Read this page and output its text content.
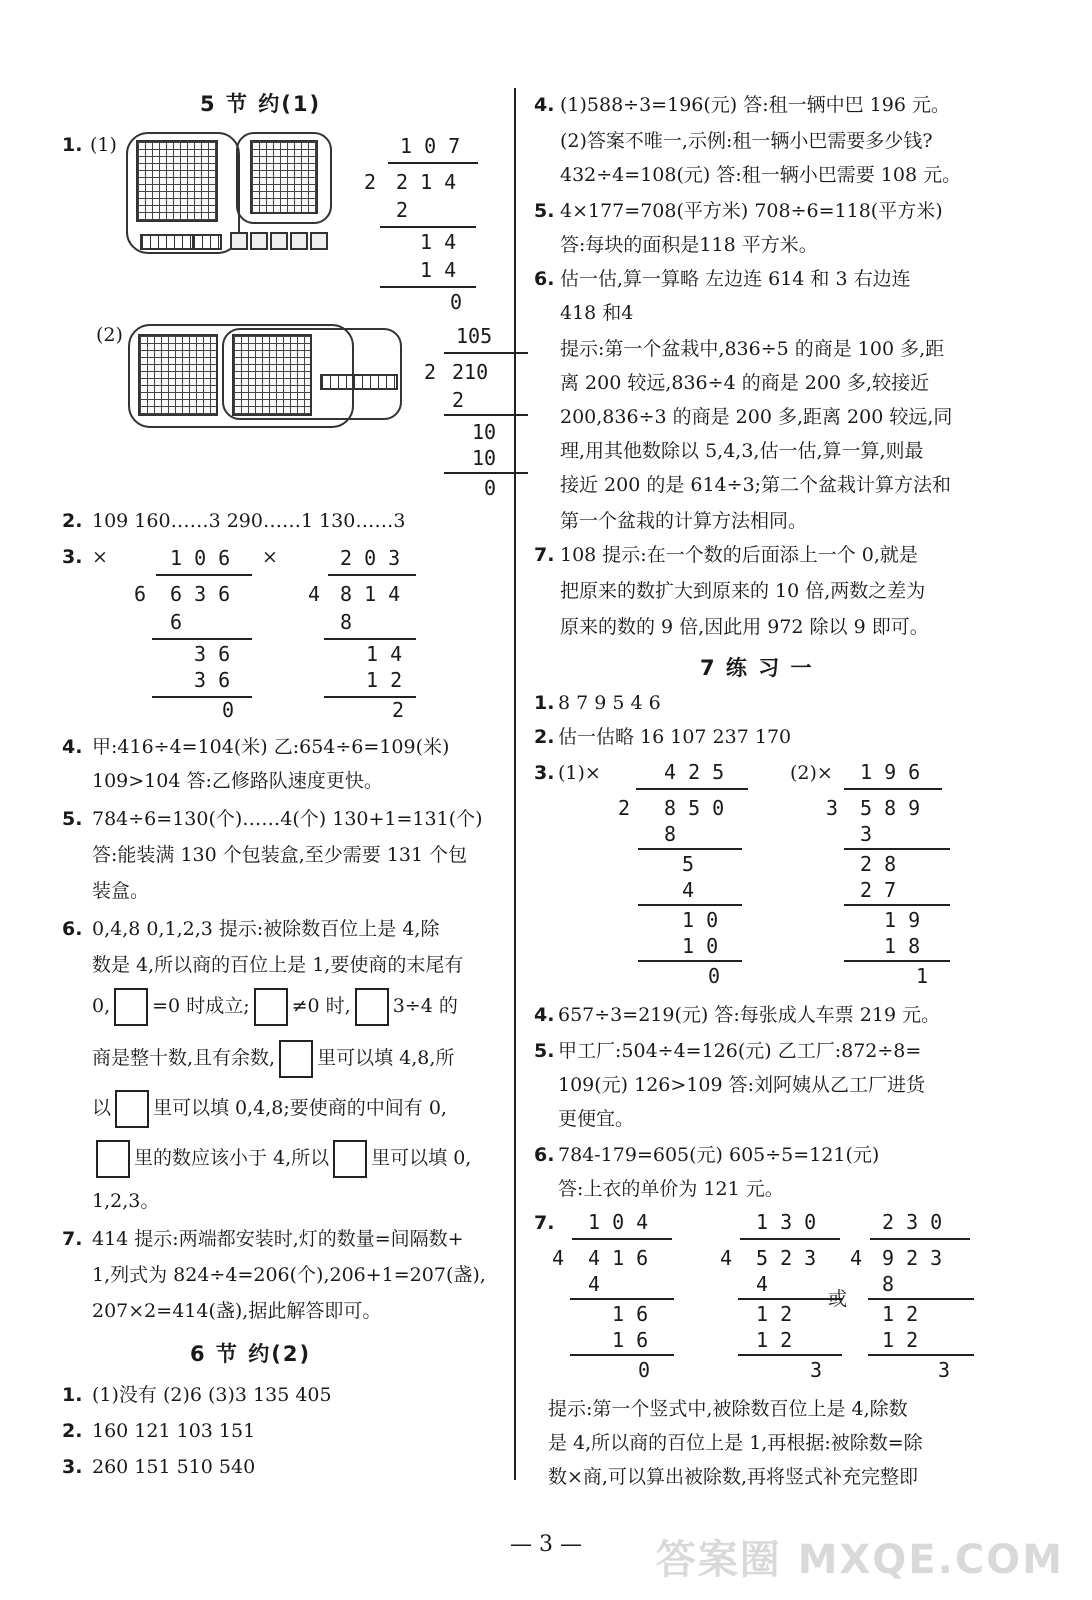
5 节 约(1)
1. (1)	1 0 7
2 2 1 4
2
1 4
1 4
0
(2)	105
2 210
2
10
10
0
2. 109 160……3 290……1 130……3
3. ×	×
1 0 6
6 6 3 6
6
3 6
3 6
0
2 0 3
4 8 1 4
8
1 4
1 2
2
4. 甲:416÷4=104(米) 乙:654÷6=109(米)
109>104 答:乙修路队速度更快。
5. 784÷6=130(个)……4(个) 130+1=131(个)
答:能装满 130 个包装盒,至少需要 131 个包
装盒。
6. 0,4,8 0,1,2,3 提示:被除数百位上是 4,除
数是 4,所以商的百位上是 1,要使商的末尾有
0, =0 时成立; ≠0 时, 3÷4 的
商是整十数,且有余数, 里可以填 4,8,所
以 里可以填 0,4,8;要使商的中间有 0,
里的数应该小于 4,所以 里可以填 0,
1,2,3。
7. 414 提示:两端都安装时,灯的数量=间隔数+
1,列式为 824÷4=206(个),206+1=207(盏),
207×2=414(盏),据此解答即可。
6 节 约(2)
1. (1)没有 (2)6 (3)3 135 405
2. 160 121 103 151
3. 260 151 510 540
4. (1)588÷3=196(元) 答:租一辆中巴 196 元。
(2)答案不唯一,示例:租一辆小巴需要多少钱?
432÷4=108(元) 答:租一辆小巴需要 108 元。
5. 4×177=708(平方米) 708÷6=118(平方米)
答:每块的面积是118 平方米。
6. 估一估,算一算略 左边连 614 和 3 右边连
418 和4
提示:第一个盆栽中,836÷5 的商是 100 多,距
离 200 较远,836÷4 的商是 200 多,较接近
200,836÷3 的商是 200 多,距离 200 较远,同
理,用其他数除以 5,4,3,估一估,算一算,则最
接近 200 的是 614÷3;第二个盆栽计算方法和
第一个盆栽的计算方法相同。
7. 108 提示:在一个数的后面添上一个 0,就是
把原来的数扩大到原来的 10 倍,两数之差为
原来的数的 9 倍,因此用 972 除以 9 即可。
7 练 习 一
1. 8 7 9 5 4 6
2. 估一估略 16 107 237 170
3. (1)×	(2)×
4 2 5
2 8 5 0
8
5
4
1 0
1 0
0
1 9 6
3 5 8 9
3
2 8
2 7
1 9
1 8
1
4. 657÷3=219(元) 答:每张成人车票 219 元。
5. 甲工厂:504÷4=126(元) 乙工厂:872÷8=
109(元) 126>109 答:刘阿姨从乙工厂进货
更便宜。
6. 784-179=605(元) 605÷5=121(元)
答:上衣的单价为 121 元。
7. 1 0 4
4 4 1 6
4
1 6
1 6
0
1 3 0
4 5 2 3
4
1 2
1 2
3
或
2 3 0
4 9 2 3
8
1 2
1 2
3
提示:第一个竖式中,被除数百位上是 4,除数
是 4,所以商的百位上是 1,再根据:被除数=除
数×商,可以算出被除数,再将竖式补充完整即
— 3 —	答案圈 MXQE.COM
